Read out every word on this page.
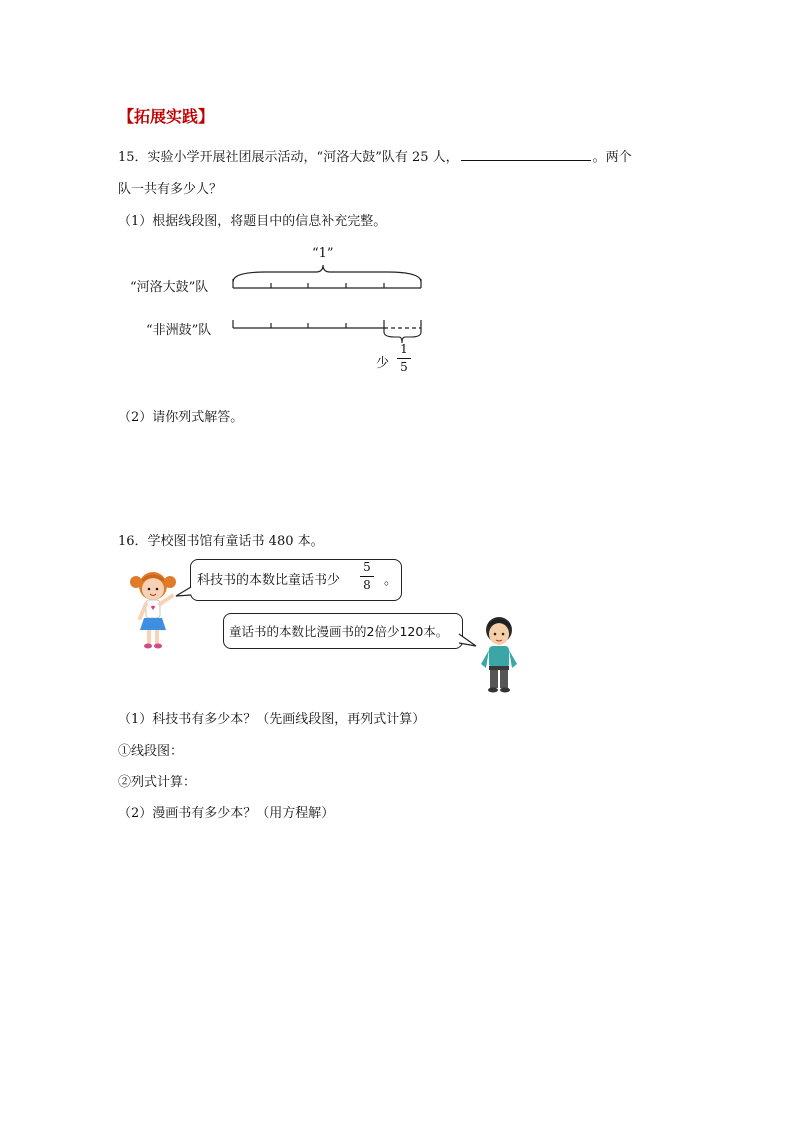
【拓展实践】
15．实验小学开展社团展示活动，“河洛大鼓”队有 25 人，	。两个
队一共有多少人？
（1）根据线段图，将题目中的信息补充完整。
“1”
“河洛大鼓”队
“非洲鼓”队
少
1
5
（2）请你列式解答。
16．学校图书馆有童话书 480 本。
科技书的本数比童话书少
5
8 。
童话书的本数比漫画书的2倍少120本。
（1）科技书有多少本？（先画线段图，再列式计算）
①线段图：
②列式计算：
（2）漫画书有多少本？（用方程解）
